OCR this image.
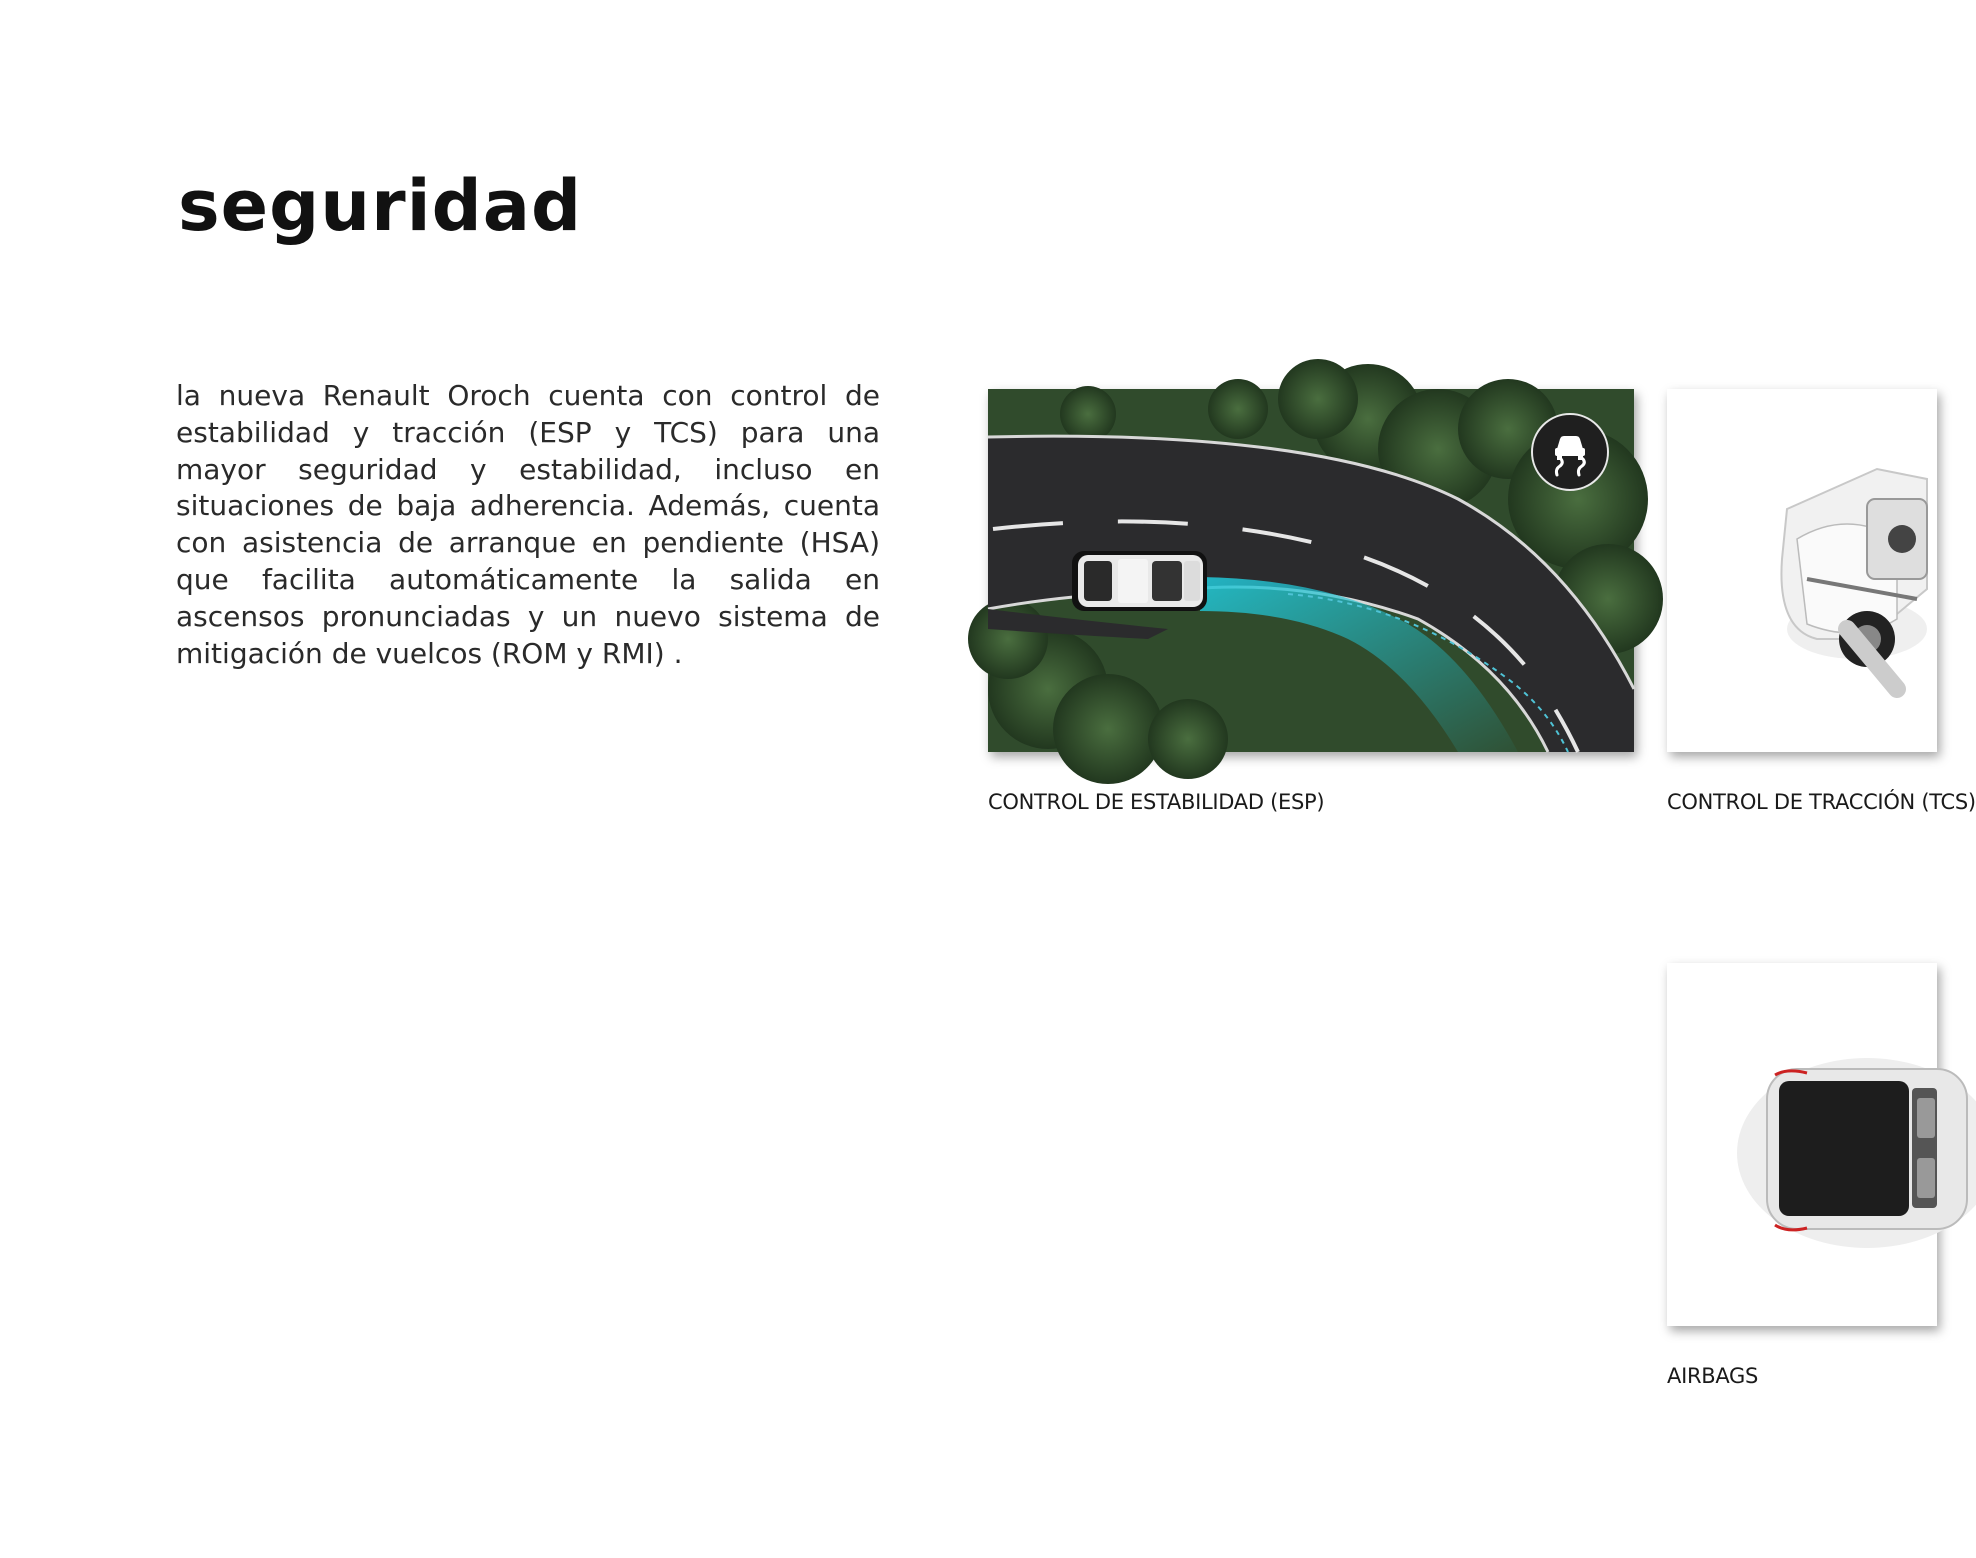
seguridad

la nueva Renault Oroch cuenta con control de estabilidad y tracción (ESP y TCS) para una mayor seguridad y estabilidad, incluso en situaciones de baja adherencia. Además, cuenta con asistencia de arranque en pendiente (HSA) que facilita automáticamente la salida en ascensos pronunciadas y un nuevo sistema de mitigación de vuelcos (ROM y RMI) .

CONTROL DE ESTABILIDAD (ESP)	CONTROL DE TRACCIÓN (TCS)
AIRBAGS
